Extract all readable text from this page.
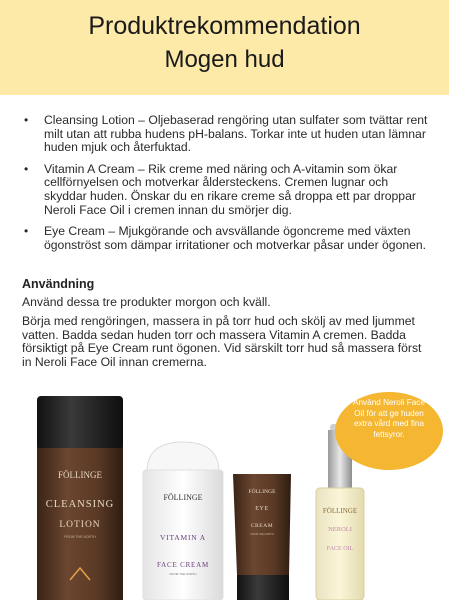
Produktrekommendation
Mogen hud
• Cleansing Lotion – Oljebaserad rengöring utan sulfater som tvättar rent milt utan att rubba hudens pH-balans. Torkar inte ut huden utan lämnar huden mjuk och återfuktad.
• Vitamin A Cream – Rik creme med näring och A-vitamin som ökar cellförnyelsen och motverkar åldersteckens. Cremen lugnar och skyddar huden. Önskar du en rikare creme så droppa ett par droppar Neroli Face Oil i cremen innan du smörjer dig.
• Eye Cream – Mjukgörande och avsvällande ögoncreme med växten ögonströst som dämpar irritationer och motverkar påsar under ögonen.
Användning
Använd dessa tre produkter morgon och kväll.
Börja med rengöringen, massera in på torr hud och skölj av med ljummet vatten. Badda sedan huden torr och massera Vitamin A cremen. Badda försiktigt på Eye Cream runt ögonen. Vid särskilt torr hud så massera först in Neroli Face Oil innan cremerna.
FÖLLINGE
CLEANSING
LOTION
FROM THE NORTH
FÖLLINGE
VITAMIN A
FACE CREAM
FROM THE NORTH
FÖLLINGE
EYE
CREAM
FROM THE NORTH
FÖLLINGE
NEROLI
FACE OIL
Använd Neroli Face Oil för att ge huden extra vård med fina fettsyror.
